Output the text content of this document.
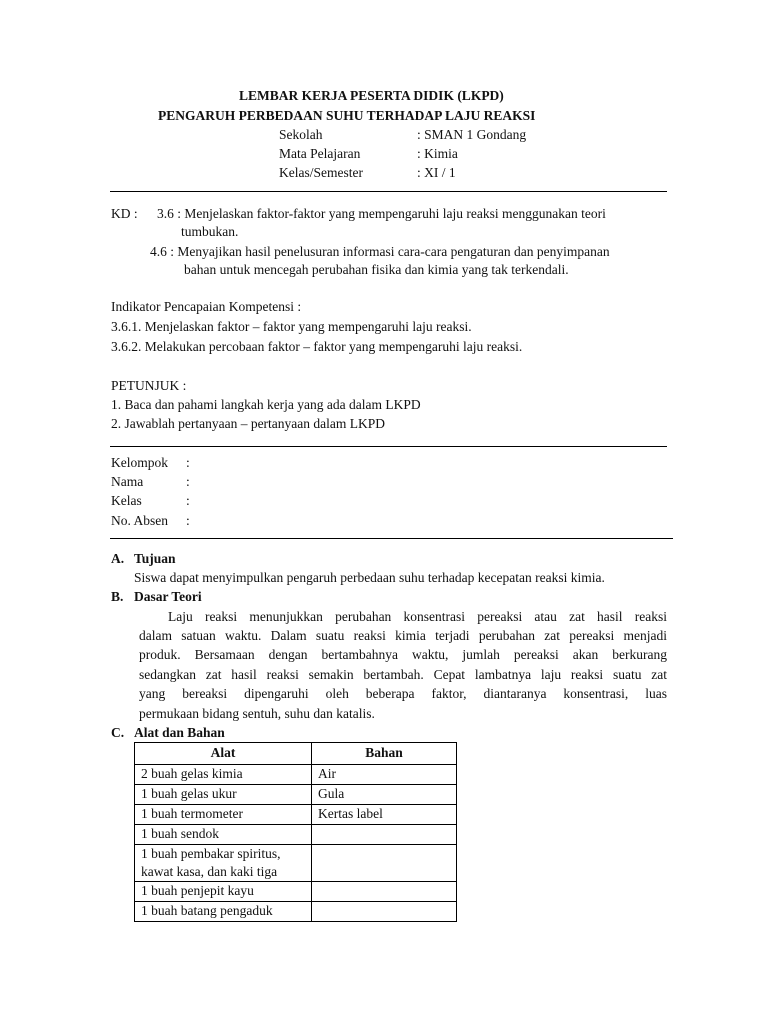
LEMBAR KERJA PESERTA DIDIK (LKPD)
PENGARUH PERBEDAAN SUHU TERHADAP LAJU REAKSI
Sekolah	: SMAN 1 Gondang
Mata Pelajaran	: Kimia
Kelas/Semester	: XI / 1
KD : 3.6 : Menjelaskan faktor-faktor yang mempengaruhi laju reaksi menggunakan teori
tumbukan.
4.6 : Menyajikan hasil penelusuran informasi cara-cara pengaturan dan penyimpanan
bahan untuk mencegah perubahan fisika dan kimia yang tak terkendali.
Indikator Pencapaian Kompetensi :
3.6.1. Menjelaskan faktor – faktor yang mempengaruhi laju reaksi.
3.6.2. Melakukan percobaan faktor – faktor yang mempengaruhi laju reaksi.
PETUNJUK :
1. Baca dan pahami langkah kerja yang ada dalam LKPD
2. Jawablah pertanyaan – pertanyaan dalam LKPD
Kelompok :
Nama	:
Kelas	:
No. Absen :
A. Tujuan
Siswa dapat menyimpulkan pengaruh perbedaan suhu terhadap kecepatan reaksi kimia.
B. Dasar Teori
Laju reaksi menunjukkan perubahan konsentrasi pereaksi atau zat hasil reaksi
dalam satuan waktu. Dalam suatu reaksi kimia terjadi perubahan zat pereaksi menjadi
produk. Bersamaan dengan bertambahnya waktu, jumlah pereaksi akan berkurang
sedangkan zat hasil reaksi semakin bertambah. Cepat lambatnya laju reaksi suatu zat
yang bereaksi dipengaruhi oleh beberapa faktor, diantaranya konsentrasi, luas
permukaan bidang sentuh, suhu dan katalis.
C. Alat dan Bahan
Alat	Bahan
2 buah gelas kimia	Air
1 buah gelas ukur	Gula
1 buah termometer	Kertas label
1 buah sendok	

1 buah pembakar spiritus,
kawat kasa, dan kaki tiga	

1 buah penjepit kayu	
1 buah batang pengaduk	
